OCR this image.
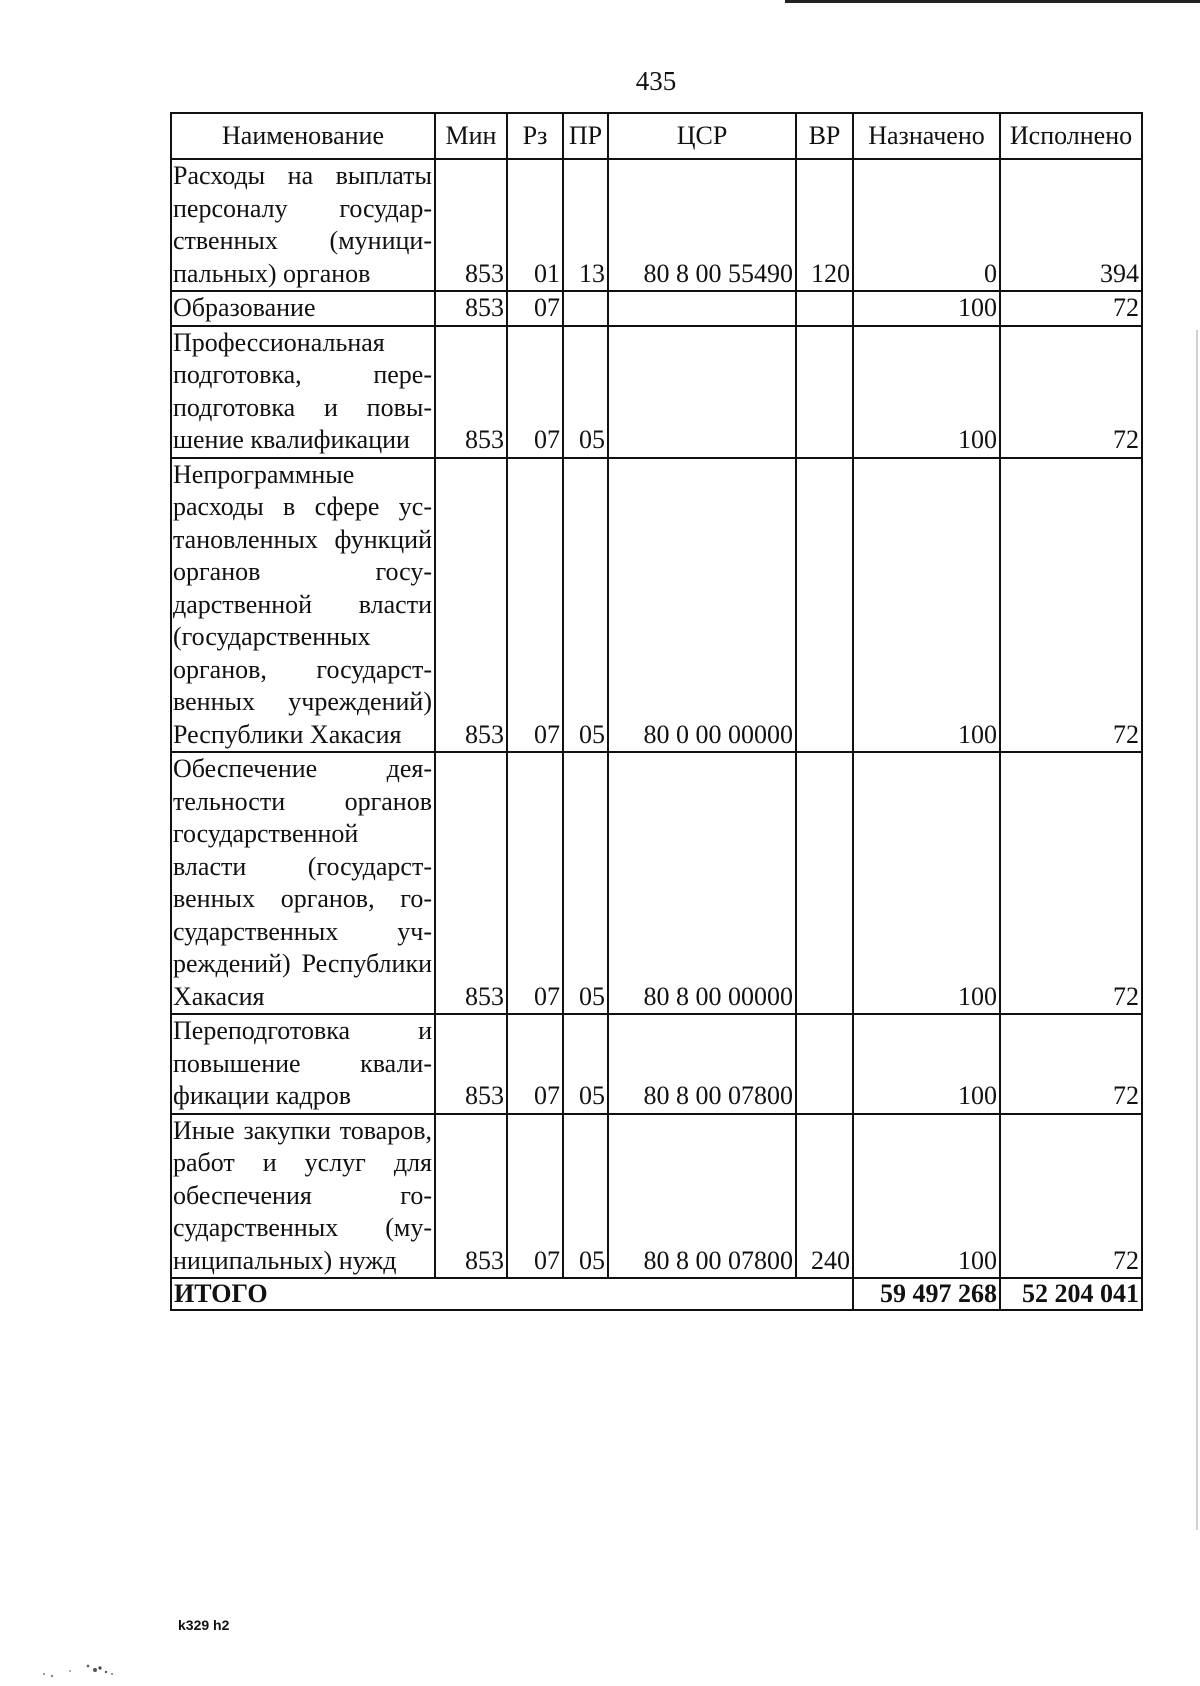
435
Наименование	Мин	Рз	ПР	ЦСР	ВР	Назначено	Исполнено
Расходы на выплаты персоналу государственных (муниципальных) органов	853	01	13	80 8 00 55490	120	0	394
Образование	853	07				100	72
Профессиональная подготовка, переподготовка и повышение квалификации	853	07	05			100	72
Непрограммные расходы в сфере установленных функций органов государственной власти (государственных органов, государственных учреждений) Республики Хакасия	853	07	05	80 0 00 00000		100	72
Обеспечение деятельности органов государственной власти (государственных органов, государственных учреждений) Республики Хакасия	853	07	05	80 8 00 00000		100	72
Переподготовка и повышение квалификации кадров	853	07	05	80 8 00 07800		100	72
Иные закупки товаров, работ и услуг для обеспечения государственных (муниципальных) нужд	853	07	05	80 8 00 07800	240	100	72
ИТОГО						59 497 268	52 204 041
k329 h2
